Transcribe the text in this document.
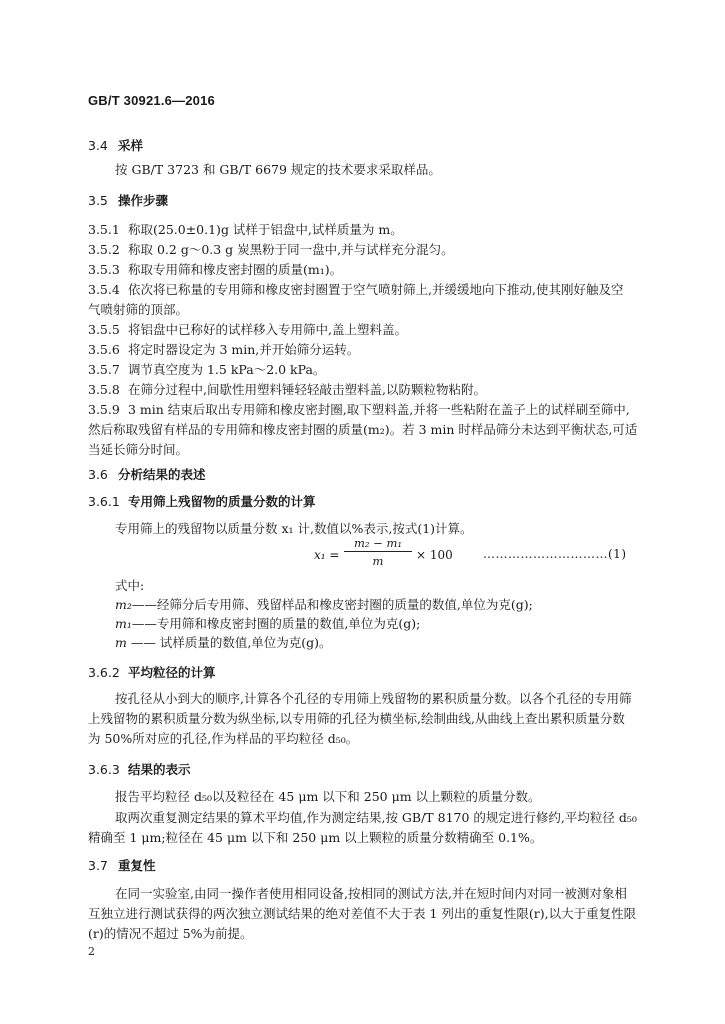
GB/T 30921.6—2016
3.4 采样
按 GB/T 3723 和 GB/T 6679 规定的技术要求采取样品。
3.5 操作步骤
3.5.1 称取(25.0±0.1)g 试样于铝盘中,试样质量为 m。
3.5.2 称取 0.2 g～0.3 g 炭黑粉于同一盘中,并与试样充分混匀。
3.5.3 称取专用筛和橡皮密封圈的质量(m₁)。
3.5.4 依次将已称量的专用筛和橡皮密封圈置于空气喷射筛上,并缓缓地向下推动,使其刚好触及空
气喷射筛的顶部。
3.5.5 将铝盘中已称好的试样移入专用筛中,盖上塑料盖。
3.5.6 将定时器设定为 3 min,并开始筛分运转。
3.5.7 调节真空度为 1.5 kPa～2.0 kPa。
3.5.8 在筛分过程中,间歇性用塑料锤轻轻敲击塑料盖,以防颗粒物粘附。
3.5.9 3 min 结束后取出专用筛和橡皮密封圈,取下塑料盖,并将一些粘附在盖子上的试样刷至筛中,
然后称取残留有样品的专用筛和橡皮密封圈的质量(m₂)。若 3 min 时样品筛分未达到平衡状态,可适
当延长筛分时间。
3.6 分析结果的表述
3.6.1 专用筛上残留物的质量分数的计算
专用筛上的残留物以质量分数 x₁ 计,数值以%表示,按式(1)计算。
$x_1 = \frac{\text{m₂ − m₁}}{m} \times 100$	…………………………(1)
式中:
m₂——经筛分后专用筛、残留样品和橡皮密封圈的质量的数值,单位为克(g);
m₁——专用筛和橡皮密封圈的质量的数值,单位为克(g);
m —— 试样质量的数值,单位为克(g)。
3.6.2 平均粒径的计算
按孔径从小到大的顺序,计算各个孔径的专用筛上残留物的累积质量分数。以各个孔径的专用筛
上残留物的累积质量分数为纵坐标,以专用筛的孔径为横坐标,绘制曲线,从曲线上查出累积质量分数
为 50%所对应的孔径,作为样品的平均粒径 d₅₀。
3.6.3 结果的表示
报告平均粒径 d₅₀以及粒径在 45 μm 以下和 250 μm 以上颗粒的质量分数。
取两次重复测定结果的算术平均值,作为测定结果,按 GB/T 8170 的规定进行修约,平均粒径 d₅₀
精确至 1 μm;粒径在 45 μm 以下和 250 μm 以上颗粒的质量分数精确至 0.1%。
3.7 重复性
在同一实验室,由同一操作者使用相同设备,按相同的测试方法,并在短时间内对同一被测对象相
互独立进行测试获得的两次独立测试结果的绝对差值不大于表 1 列出的重复性限(r),以大于重复性限
(r)的情况不超过 5%为前提。
2
